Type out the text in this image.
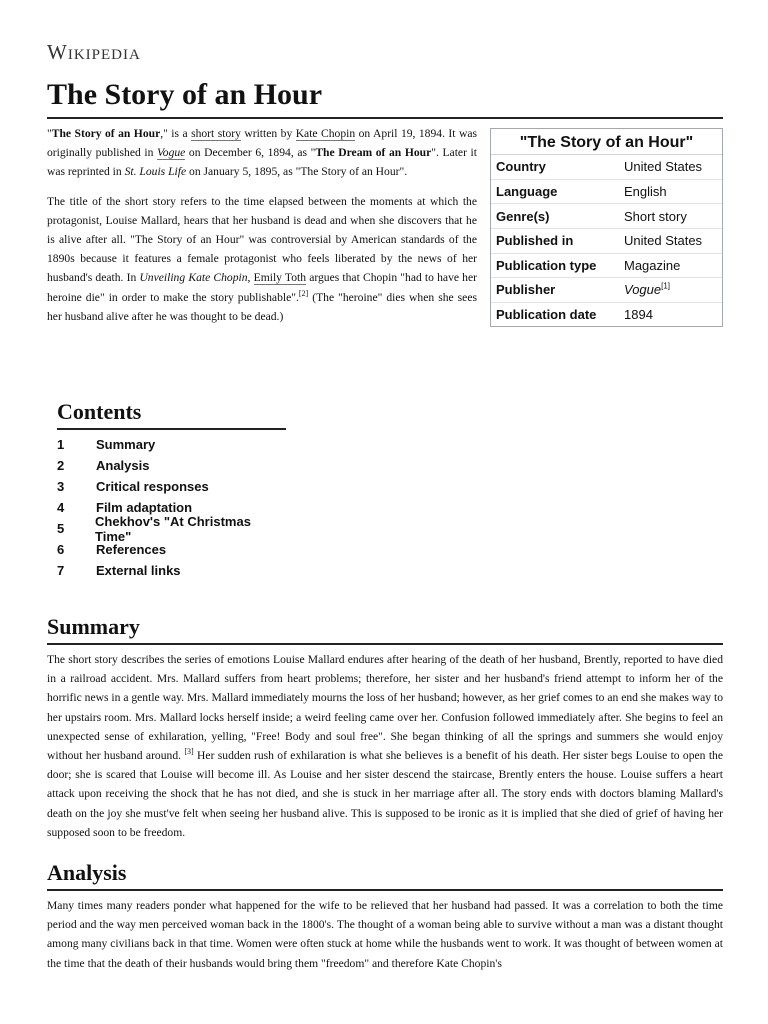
Wikipedia
The Story of an Hour
"The Story of an Hour"
Country	United States
Language	English
Genre(s)	Short story
Published in	United States
Publication type	Magazine
Publisher	Vogue[1]
Publication date	1894

"The Story of an Hour," is a short story written by Kate Chopin on April 19, 1894. It was originally published in Vogue on December 6, 1894, as "The Dream of an Hour". Later it was reprinted in St. Louis Life on January 5, 1895, as "The Story of an Hour".

The title of the short story refers to the time elapsed between the moments at which the protagonist, Louise Mallard, hears that her husband is dead and when she discovers that he is alive after all. "The Story of an Hour" was controversial by American standards of the 1890s because it features a female protagonist who feels liberated by the news of her husband's death. In Unveiling Kate Chopin, Emily Toth argues that Chopin "had to have her heroine die" in order to make the story publishable".[2] (The "heroine" dies when she sees her husband alive after he was thought to be dead.)

Contents
1	Summary
2	Analysis
3	Critical responses
4	Film adaptation
5	Chekhov's "At Christmas Time"
6	References
7	External links
Summary

The short story describes the series of emotions Louise Mallard endures after hearing of the death of her husband, Brently, reported to have died in a railroad accident. Mrs. Mallard suffers from heart problems; therefore, her sister and her husband's friend attempt to inform her of the horrific news in a gentle way. Mrs. Mallard immediately mourns the loss of her husband; however, as her grief comes to an end she makes way to her upstairs room. Mrs. Mallard locks herself inside; a weird feeling came over her. Confusion followed immediately after. She begins to feel an unexpected sense of exhilaration, yelling, "Free! Body and soul free". She began thinking of all the springs and summers she would enjoy without her husband around. [3] Her sudden rush of exhilaration is what she believes is a benefit of his death. Her sister begs Louise to open the door; she is scared that Louise will become ill. As Louise and her sister descend the staircase, Brently enters the house. Louise suffers a heart attack upon receiving the shock that he has not died, and she is stuck in her marriage after all. The story ends with doctors blaming Mallard's death on the joy she must've felt when seeing her husband alive. This is supposed to be ironic as it is implied that she died of grief of having her supposed soon to be freedom.

Analysis

Many times many readers ponder what happened for the wife to be relieved that her husband had passed. It was a correlation to both the time period and the way men perceived woman back in the 1800's. The thought of a woman being able to survive without a man was a distant thought among many civilians back in that time. Women were often stuck at home while the husbands went to work. It was thought of between women at the time that the death of their husbands would bring them "freedom" and therefore Kate Chopin's
